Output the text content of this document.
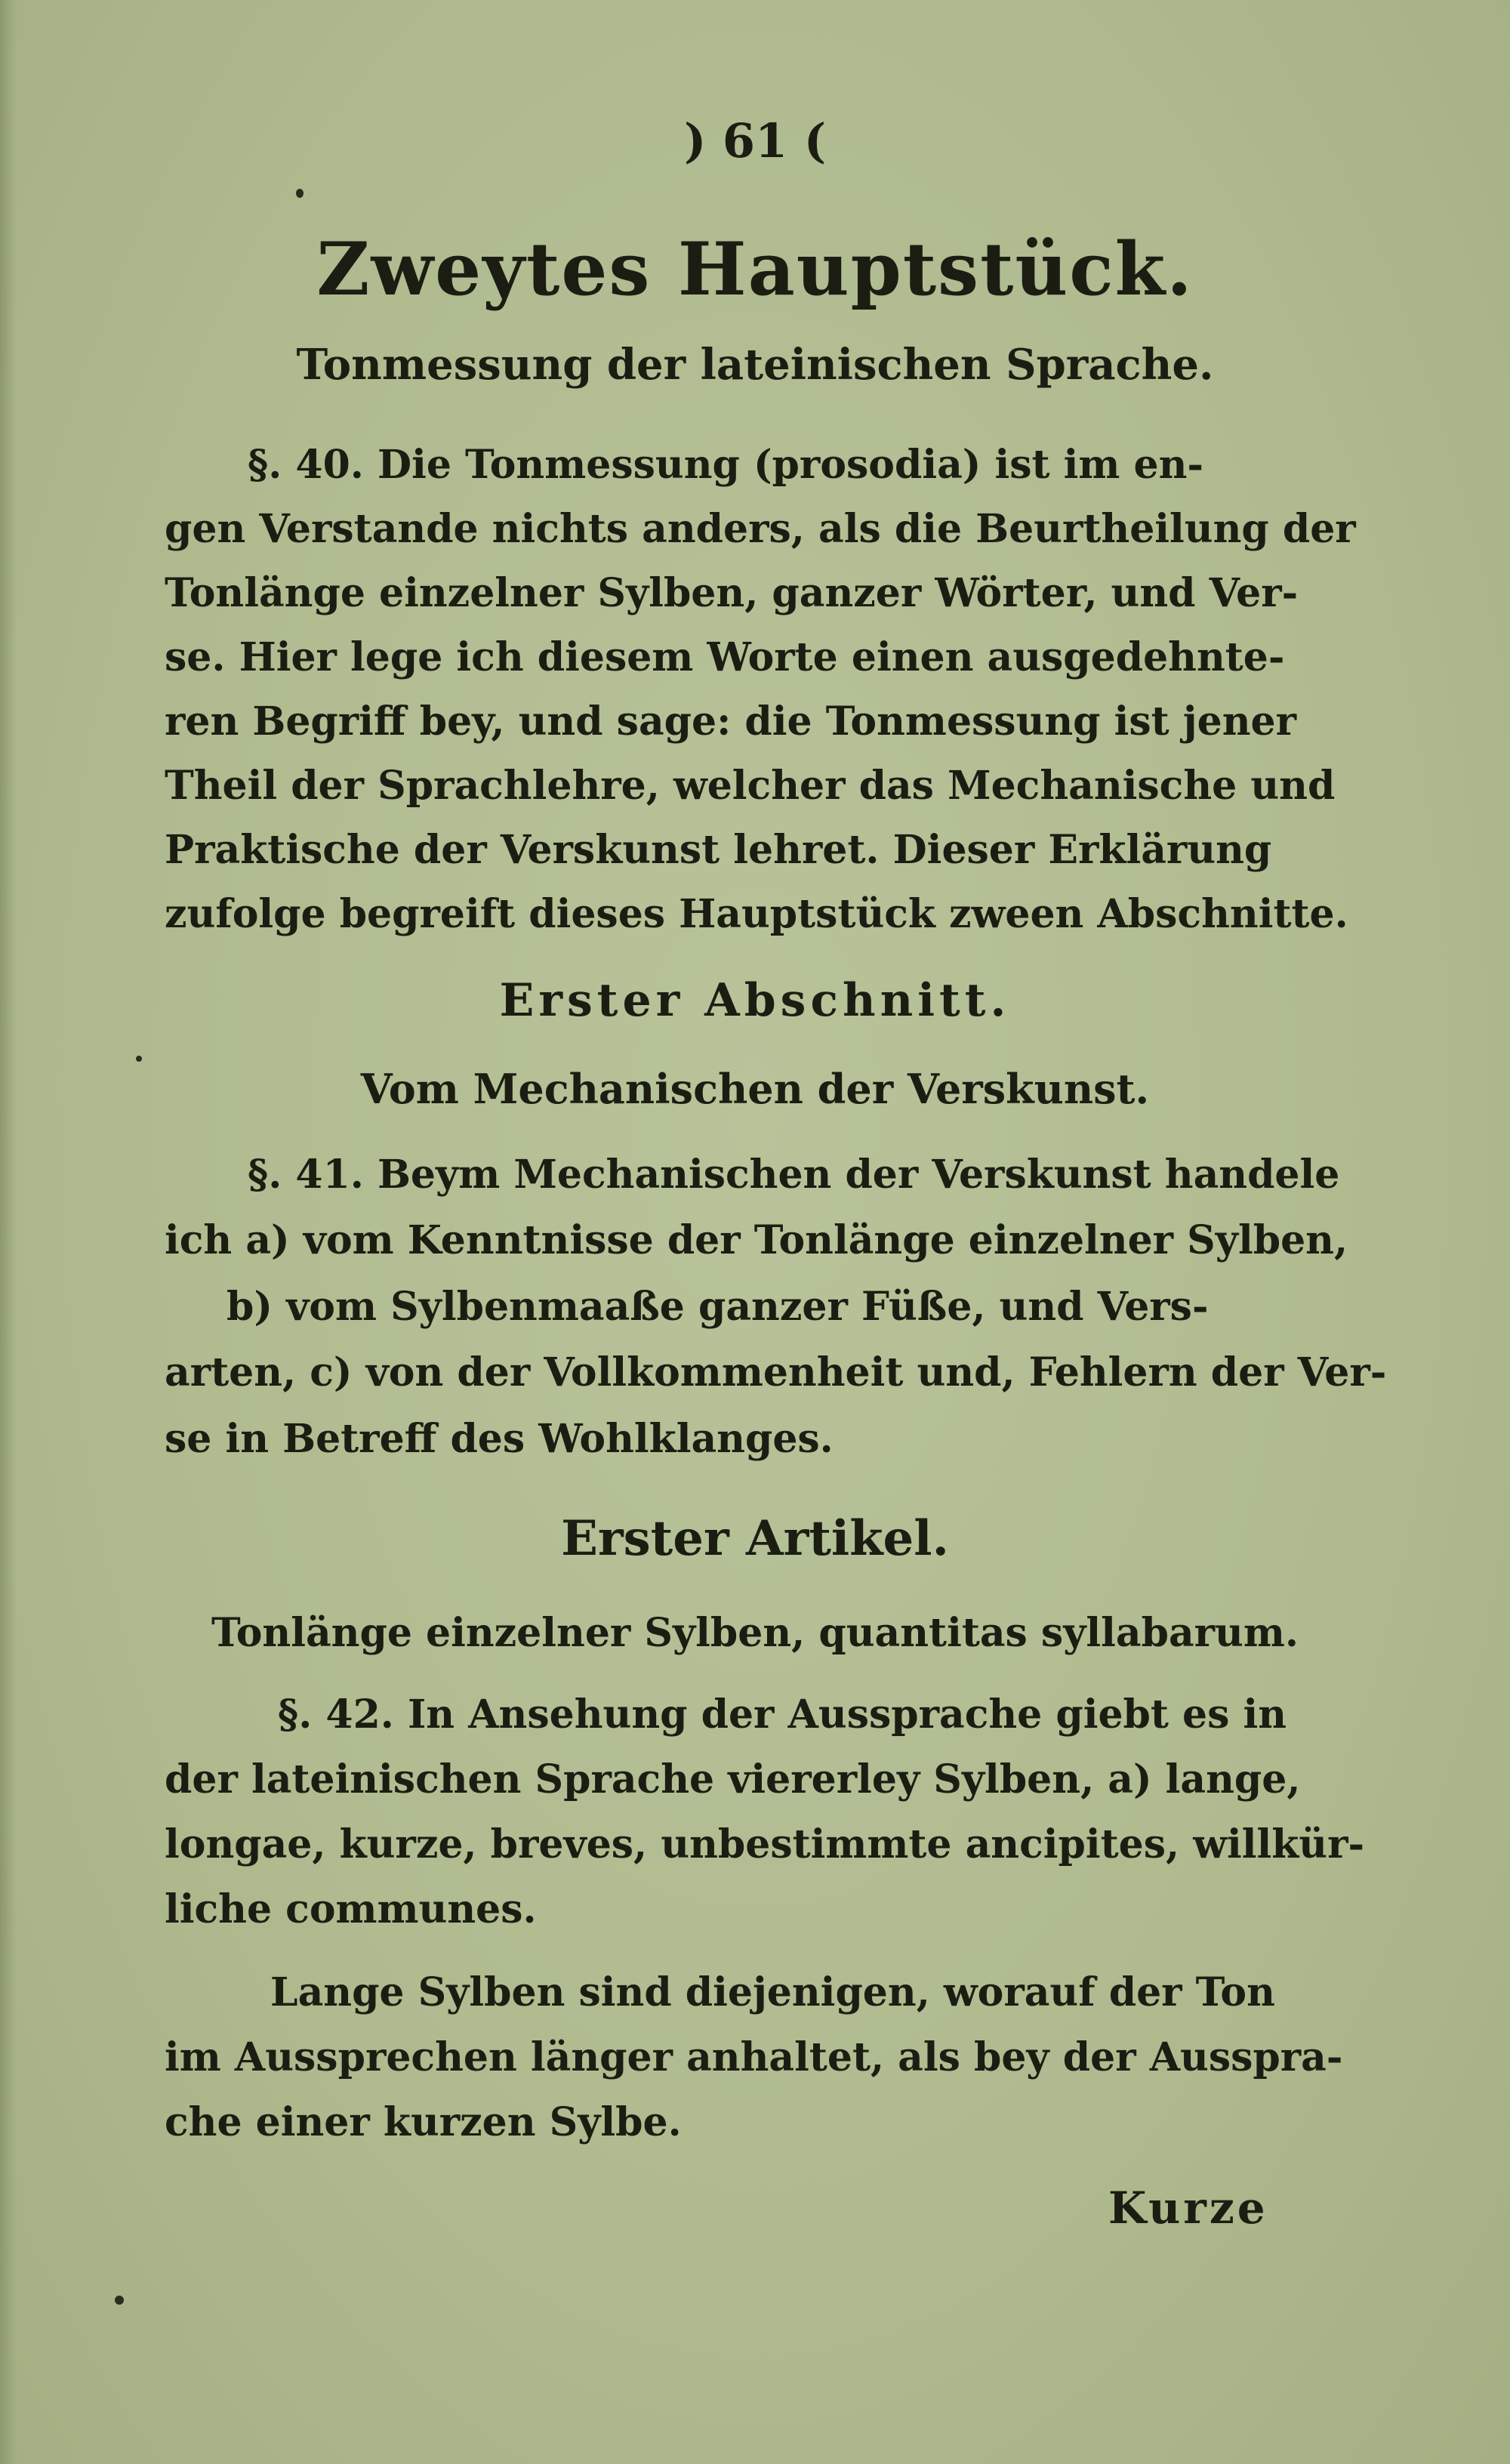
) 61 (
Zweytes Hauptstück.
Tonmessung der lateinischen Sprache.
§. 40. Die Tonmessung (prosodia) ist im en-
gen Verstande nichts anders, als die Beurtheilung der
Tonlänge einzelner Sylben, ganzer Wörter, und Ver-
se. Hier lege ich diesem Worte einen ausgedehnte-
ren Begriff bey, und sage: die Tonmessung ist jener
Theil der Sprachlehre, welcher das Mechanische und
Praktische der Verskunst lehret. Dieser Erklärung
zufolge begreift dieses Hauptstück zween Abschnitte.
Erster Abschnitt.
Vom Mechanischen der Verskunst.
§. 41. Beym Mechanischen der Verskunst handele
ich a) vom Kenntnisse der Tonlänge einzelner Sylben,
b) vom Sylbenmaaße ganzer Füße, und Vers-
arten, c) von der Vollkommenheit und, Fehlern der Ver-
se in Betreff des Wohlklanges.
Erster Artikel.
Tonlänge einzelner Sylben, quantitas syllabarum.
§. 42. In Ansehung der Aussprache giebt es in
der lateinischen Sprache viererley Sylben, a) lange,
longae, kurze, breves, unbestimmte ancipites, willkür-
liche communes.
Lange Sylben sind diejenigen, worauf der Ton
im Aussprechen länger anhaltet, als bey der Ausspra-
che einer kurzen Sylbe.
Kurze
